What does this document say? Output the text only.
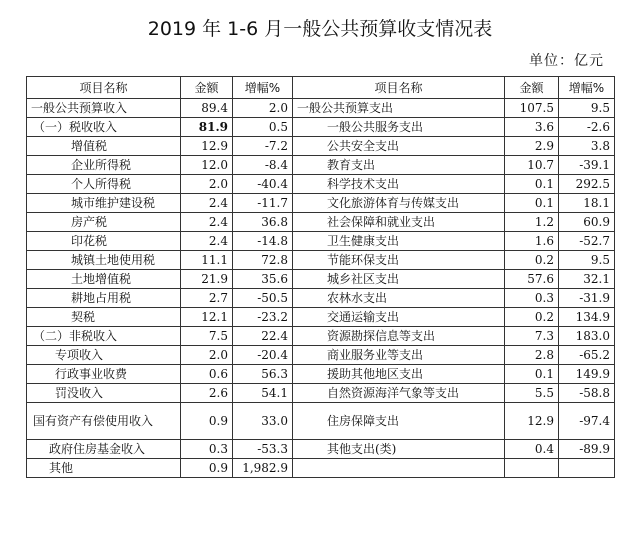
2019 年 1-6 月一般公共预算收支情况表
单位：亿元
项目名称	金额	增幅%	项目名称	金额	增幅%
一般公共预算收入	89.4	2.0	一般公共预算支出	107.5	9.5
（一）税收收入	81.9	0.5	一般公共服务支出	3.6	-2.6
增值税	12.9	-7.2	公共安全支出	2.9	3.8
企业所得税	12.0	-8.4	教育支出	10.7	-39.1
个人所得税	2.0	-40.4	科学技术支出	0.1	292.5
城市维护建设税	2.4	-11.7	文化旅游体育与传媒支出	0.1	18.1
房产税	2.4	36.8	社会保障和就业支出	1.2	60.9
印花税	2.4	-14.8	卫生健康支出	1.6	-52.7
城镇土地使用税	11.1	72.8	节能环保支出	0.2	9.5
土地增值税	21.9	35.6	城乡社区支出	57.6	32.1
耕地占用税	2.7	-50.5	农林水支出	0.3	-31.9
契税	12.1	-23.2	交通运输支出	0.2	134.9
（二）非税收入	7.5	22.4	资源勘探信息等支出	7.3	183.0
专项收入	2.0	-20.4	商业服务业等支出	2.8	-65.2
行政事业收费	0.6	56.3	援助其他地区支出	0.1	149.9
罚没收入	2.6	54.1	自然资源海洋气象等支出	5.5	-58.8
国有资产有偿使用收入	0.9	33.0	住房保障支出	12.9	-97.4
政府住房基金收入	0.3	-53.3	其他支出(类)	0.4	-89.9
其他	0.9	1,982.9			
